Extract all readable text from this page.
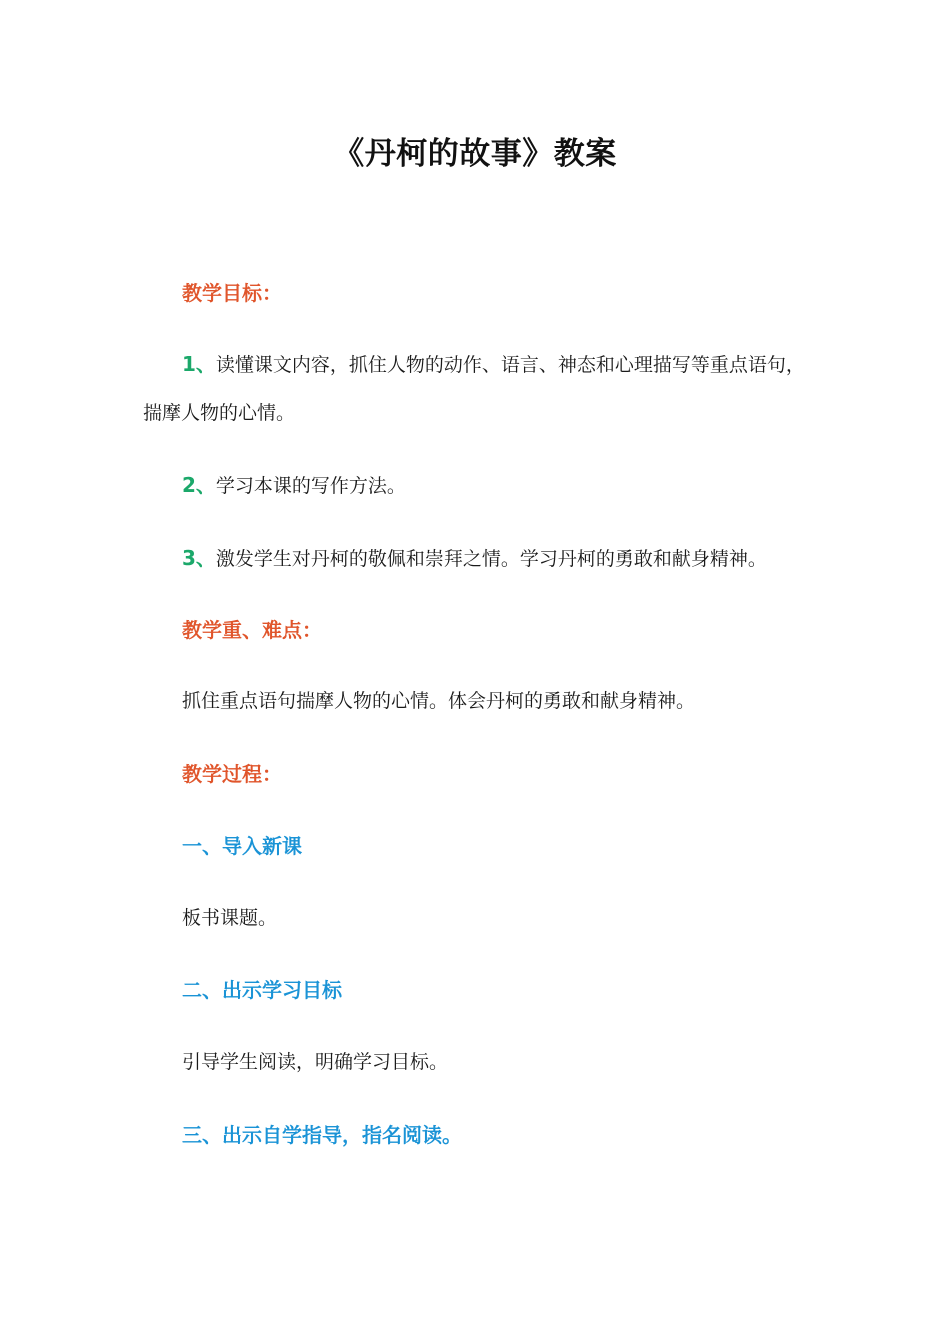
《丹柯的故事》教案
教学目标：
1、读懂课文内容，抓住人物的动作、语言、神态和心理描写等重点语句，
揣摩人物的心情。
2、学习本课的写作方法。
3、激发学生对丹柯的敬佩和崇拜之情。学习丹柯的勇敢和献身精神。
教学重、难点：
抓住重点语句揣摩人物的心情。体会丹柯的勇敢和献身精神。
教学过程：
一、导入新课
板书课题。
二、出示学习目标
引导学生阅读，明确学习目标。
三、出示自学指导，指名阅读。
